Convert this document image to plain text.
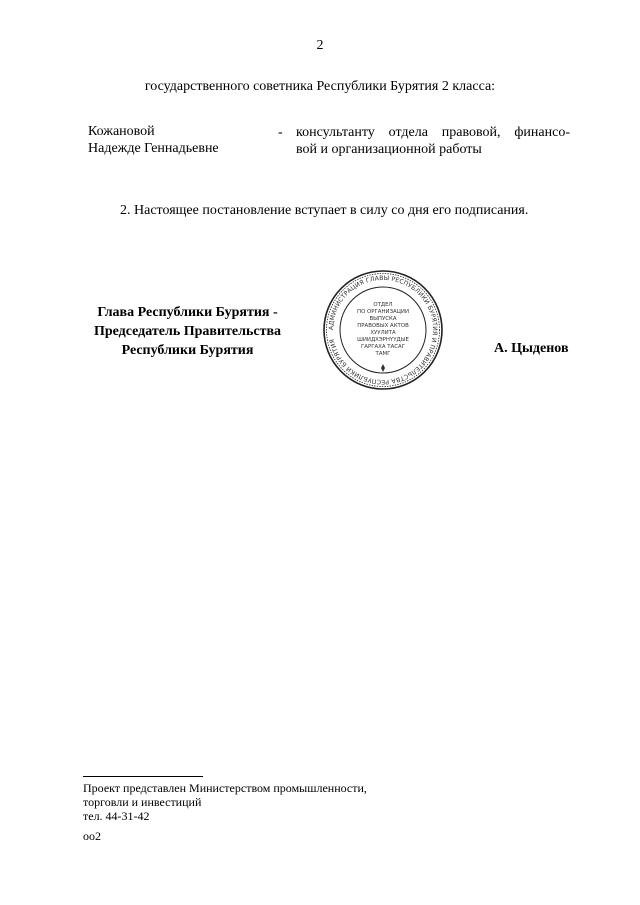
2
государственного советника Республики Бурятия 2 класса:
Кожановой
Надежде Геннадьевне
- консультанту отдела правовой, финансо-
вой и организационной работы
2. Настоящее постановление вступает в силу со дня его подписания.
Глава Республики Бурятия -
Председатель Правительства
Республики Бурятия
АДМИНИСТРАЦИЯ ГЛАВЫ РЕСПУБЛИКИ БУРЯТИЯ И ПРАВИТЕЛЬСТВА РЕСПУБЛИКИ БУРЯТИЯ
ОТДЕЛ
ПО ОРГАНИЗАЦИИ
ВЫПУСКА
ПРАВОВЫХ АКТОВ
ХУУЛИТА
ШИИДХЭРНҮҮДЫЕ
ГАРГАХА ТАСАГ
ТАМГ	А. Цыденов
Проект представлен Министерством промышленности,
торговли и инвестиций
тел. 44-31-42
оо2
